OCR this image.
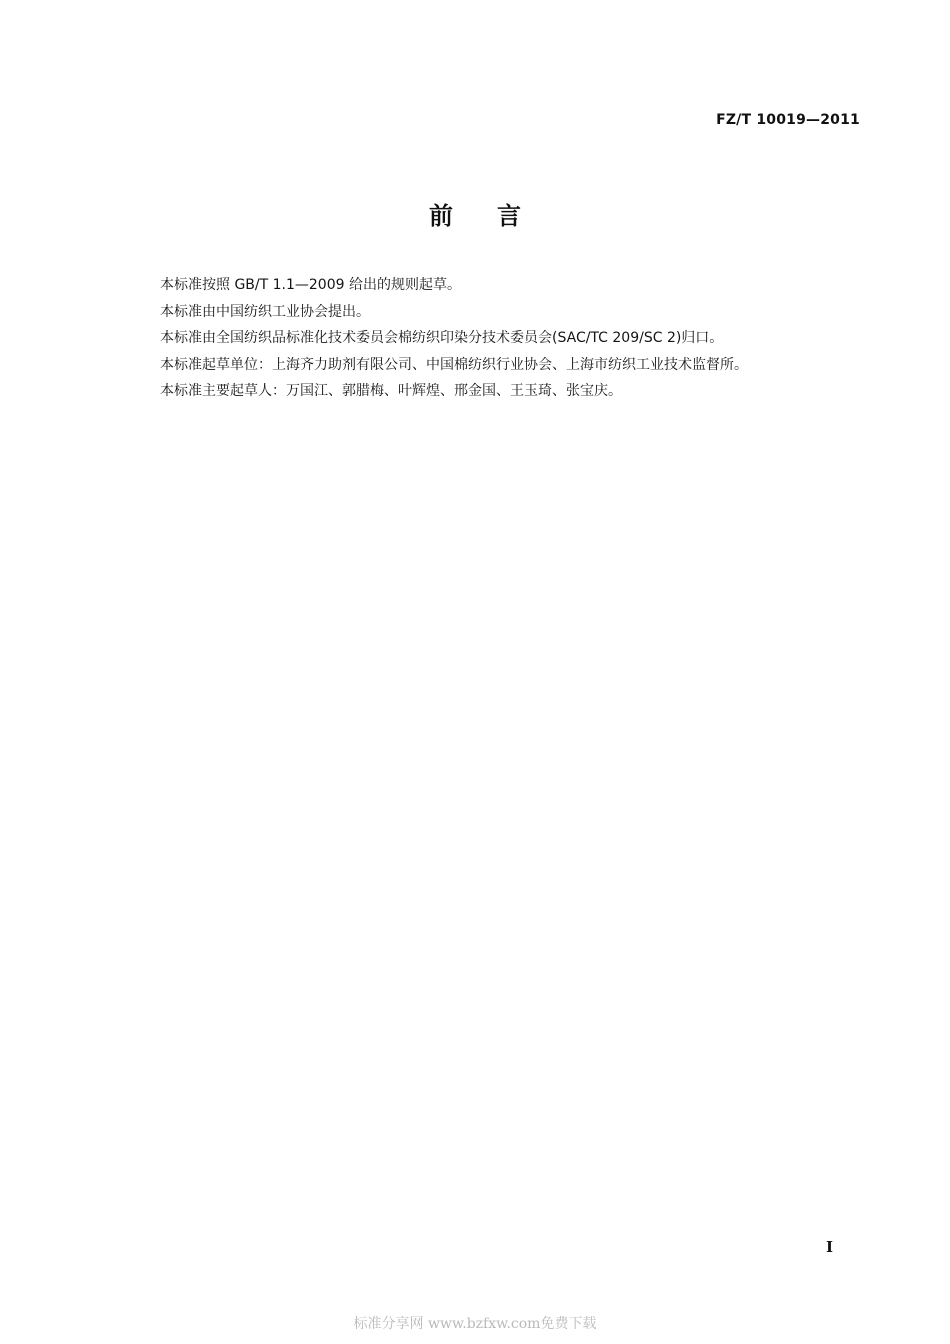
FZ/T 10019—2011
前言
本标准按照 GB/T 1.1—2009 给出的规则起草。
本标准由中国纺织工业协会提出。
本标准由全国纺织品标准化技术委员会棉纺织印染分技术委员会(SAC/TC 209/SC 2)归口。
本标准起草单位：上海齐力助剂有限公司、中国棉纺织行业协会、上海市纺织工业技术监督所。
本标准主要起草人：万国江、郭腊梅、叶辉煌、邢金国、王玉琦、张宝庆。
I
标准分享网 www.bzfxw.com免费下载
